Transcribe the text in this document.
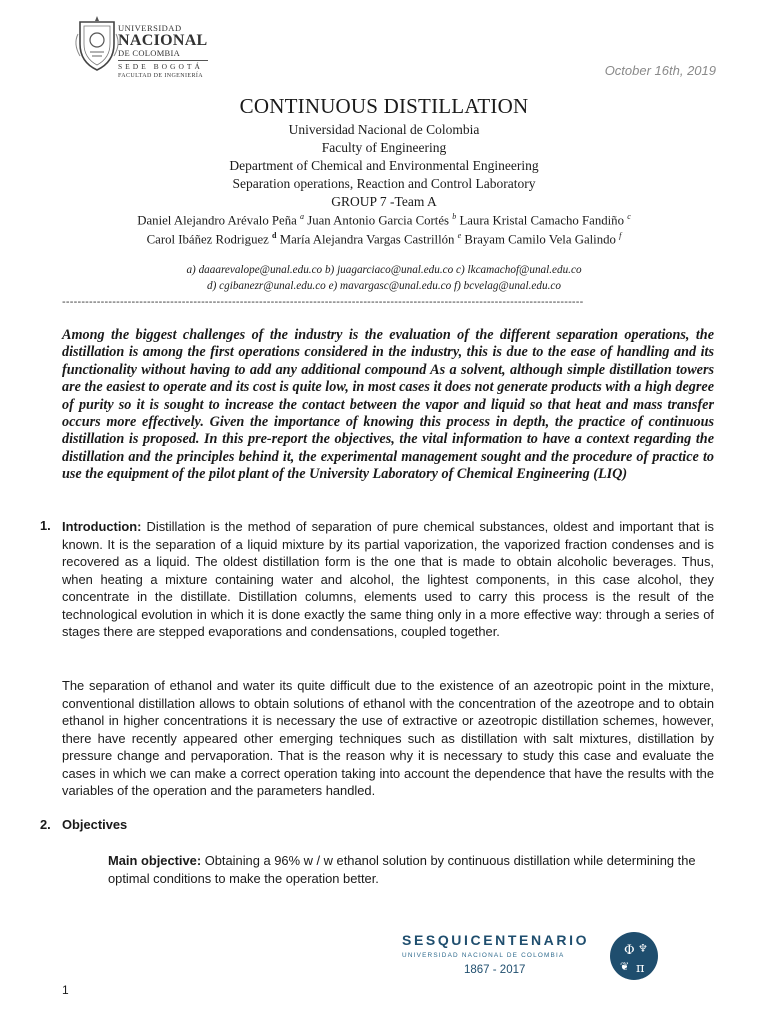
UNIVERSIDAD
NACIONAL
DE COLOMBIA
SEDE BOGOTÁ
FACULTAD DE INGENIERÍA	October 16th, 2019
CONTINUOUS DISTILLATION
Universidad Nacional de Colombia
Faculty of Engineering
Department of Chemical and Environmental Engineering
Separation operations, Reaction and Control Laboratory
GROUP 7 -Team A
Daniel Alejandro Arévalo Peña $^a$ Juan Antonio Garcia Cortés $^b$ Laura Kristal Camacho Fandiño $^c$
Carol Ibáñez Rodriguez $^d$ María Alejandra Vargas Castrillón $^e$ Brayam Camilo Vela Galindo $^f$
a) daaarevalope@unal.edu.co b) juagarciaco@unal.edu.co c) lkcamachof@unal.edu.co
d) cgibanezr@unal.edu.co e) mavargasc@unal.edu.co f) bcvelag@unal.edu.co
---------------------------------------------------------------------------------------------------------------------------------------
Among the biggest challenges of the industry is the evaluation of the different separation operations, the distillation is among the first operations considered in the industry, this is due to the ease of handling and its functionality without having to add any additional compound As a solvent, although simple distillation towers are the easiest to operate and its cost is quite low, in most cases it does not generate products with a high degree of purity so it is sought to increase the contact between the vapor and liquid so that heat and mass transfer occurs more effectively. Given the importance of knowing this process in depth, the practice of continuous distillation is proposed. In this pre-report the objectives, the vital information to have a context regarding the distillation and the principles behind it, the experimental management sought and the procedure of practice to use the equipment of the pilot plant of the University Laboratory of Chemical Engineering (LIQ)
1. Introduction: Distillation is the method of separation of pure chemical substances, oldest and important that is known. It is the separation of a liquid mixture by its partial vaporization, the vaporized fraction condenses and is recovered as a liquid. The oldest distillation form is the one that is made to obtain alcoholic beverages. Thus, when heating a mixture containing water and alcohol, the lightest components, in this case alcohol, they concentrate in the distillate. Distillation columns, elements used to carry this process is the result of the technological evolution in which it is done exactly the same thing only in a more effective way: through a series of stages there are stepped evaporations and condensations, coupled together.
The separation of ethanol and water its quite difficult due to the existence of an azeotropic point in the mixture, conventional distillation allows to obtain solutions of ethanol with the concentration of the azeotrope and to obtain ethanol in higher concentrations it is necessary the use of extractive or azeotropic distillation schemes, however, there have recently appeared other emerging techniques such as distillation with salt mixtures, distillation by pressure change and pervaporation. That is the reason why it is necessary to study this case and evaluate the cases in which we can make a correct operation taking into account the dependence that have the results with the variables of the operation and the parameters handled.
2. Objectives
Main objective: Obtaining a 96% w / w ethanol solution by continuous distillation while determining the optimal conditions to make the operation better.
SESQUICENTENARIO
UNIVERSIDAD NACIONAL DE COLOMBIA
1867 - 2017
Φ ♆
❦ π
1
